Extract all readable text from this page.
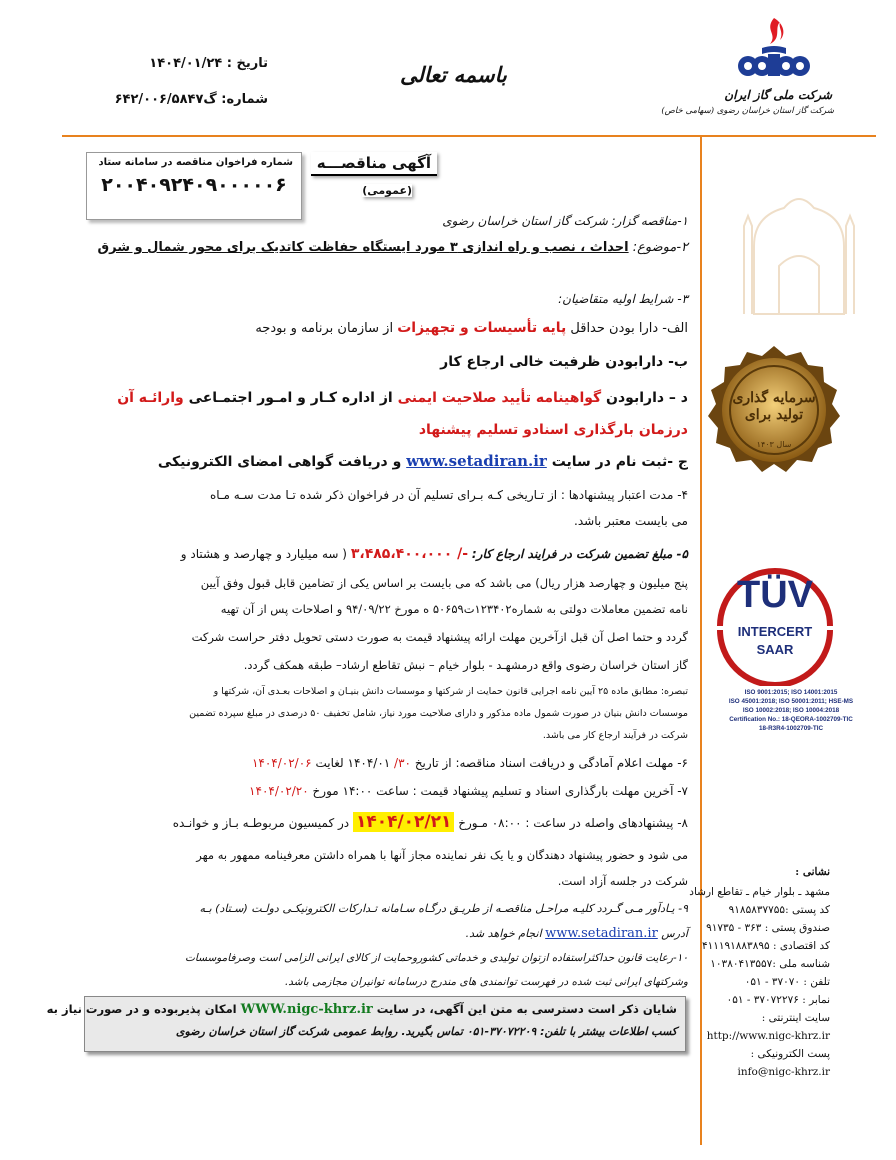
شرکت ملی گاز ایران
شرکت گاز استان خراسان رضوی (سهامی خاص)
باسمه تعالی
تاریخ : ۱۴۰۴/۰۱/۲۴
شماره: گ۶۴۲/۰۰۶/۵۸۴۷
شماره فراخوان مناقصه در سامانه ستاد
۲۰۰۴۰۹۲۴۰۹۰۰۰۰۰۶
آگهی مناقصـــه
(عمومی)
۱-مناقصه گزار: شرکت گاز استان خراسان رضوی
۲-موضوع: احداث ، نصب و راه اندازی ۳ مورد ایستگاه حفاظت کاتدیک برای محور شمال و شرق
۳- شرایط اولیه متقاضیان:
الف- دارا بودن حداقل پایه تأسیسات و تجهیزات از سازمان برنامه و بودجه
ب- دارابودن ظرفیت خالی ارجاع کار
د – دارابودن گواهینامه تأیید صلاحیت ایمنی از اداره کـار و امـور اجتمـاعی وارائـه آن
درزمان بارگذاری اسنادو تسلیم پیشنهاد
ج -ثبت نام در سایت www.setadiran.ir و دریافت گواهی امضای الکترونیکی
۴- مدت اعتبار پیشنهادها : از تـاریخی کـه بـرای تسلیم آن در فراخوان ذکر شده تـا مدت سـه مـاه
می بایست معتبر باشد.
۵- مبلغ تضمین شرکت در فرایند ارجاع کار: -/ ۳،۴۸۵،۴۰۰،۰۰۰ ( سه میلیارد و چهارصد و هشتاد و
پنج میلیون و چهارصد هزار ریال) می باشد که می بایست بر اساس یکی از تضامین قابل قبول وفق آیین
نامه تضمین معاملات دولتی به شماره۱۲۳۴۰۲ت۵۰۶۵۹ ه مورخ ۹۴/۰۹/۲۲ و اصلاحات پس از آن تهیه
گردد و حتما اصل آن قبل ازآخرین مهلت ارائه پیشنهاد قیمت به صورت دستی تحویل دفتر حراست شرکت
گاز استان خراسان رضوی واقع درمشهـد - بلوار خیام – نبش تقاطع ارشاد– طبقه همکف گردد.
تبصره: مطابق ماده ۲۵ آیین نامه اجرایی قانون حمایت از شرکتها و موسسات دانش بنیـان و اصلاحات بعـدی آن، شرکتها و
موسسات دانش بنیان در صورت شمول ماده مذکور و دارای صلاحیت مورد نیاز، شامل تخفیف ۵۰ درصدی در مبلغ سپرده تضمین
شرکت در فرآیند ارجاع کار می باشد.
۶- مهلت اعلام آمادگی و دریافت اسناد مناقصه: از تاریخ ۳۰/ ۱۴۰۴/۰۱ لغایت ۱۴۰۴/۰۲/۰۶
۷- آخرین مهلت بارگذاری اسناد و تسلیم پیشنهاد قیمت : ساعت ۱۴:۰۰ مورخ ۱۴۰۴/۰۲/۲۰
۸- پیشنهادهای واصله در ساعت : ۰۸:۰۰ مـورخ ۱۴۰۴/۰۲/۲۱ در کمیسیون مربوطـه بـاز و خوانـده
می شود و حضور پیشنهاد دهندگان و یا یک نفر نماینده مجاز آنها با همراه داشتن معرفینامه ممهور به مهر
شرکت در جلسه آزاد است.
۹- یـادآور مـی گـردد کلیـه مراحـل مناقصـه از طریـق درگـاه سـامانه تـدارکات الکترونیکـی دولـت (سـتاد) بـه
آدرس www.setadiran.ir انجام خواهد شد.
۱۰-رعایت قانون حداکثراستفاده ازتوان تولیدی و خدماتی کشوروحمایت از کالای ایرانی الزامی است وصرفاموسسات
وشرکتهای ایرانی ثبت شده در فهرست توانمندی های مندرج درسامانه توانیران مجازمی باشد.
شایان ذکر است دسترسی به متن این آگهی، در سایت WWW.nigc-khrz.ir امکان پذیربوده و در صورت نیاز به
کسب اطلاعات بیشتر با تلفن: ۳۷۰۷۲۲۰۹-۰۵۱ تماس بگیرید. روابط عمومی شرکت گاز استان خراسان رضوی
سرمایه گذاری تولید برای
سال ۱۴۰۳
TÜV
INTERCERT
SAAR
ISO 9001:2015; ISO 14001:2015
ISO 45001:2018; ISO 50001:2011; HSE-MS
ISO 10002:2018; ISO 10004:2018
Certification No.: 18-QEORA-1002709-TIC
18-R3R4-1002709-TIC
نشانی :
مشهد ـ بلوار خیام ـ تقاطع ارشاد
کد پستی :۹۱۸۵۸۳۷۷۵۵
صندوق پستی : ۳۶۳ - ۹۱۷۳۵
کد اقتصادی : ۴۱۱۱۹۱۸۸۳۸۹۵
شناسه ملی :۱۰۳۸۰۴۱۳۵۵۷
تلفن : ۳۷۰۷۰ - ۰۵۱
نمابر : ۳۷۰۷۲۲۷۶ - ۰۵۱
سایت اینترنتی :
http://www.nigc-khrz.ir
پست الکترونیکی :
info@nigc-khrz.ir
